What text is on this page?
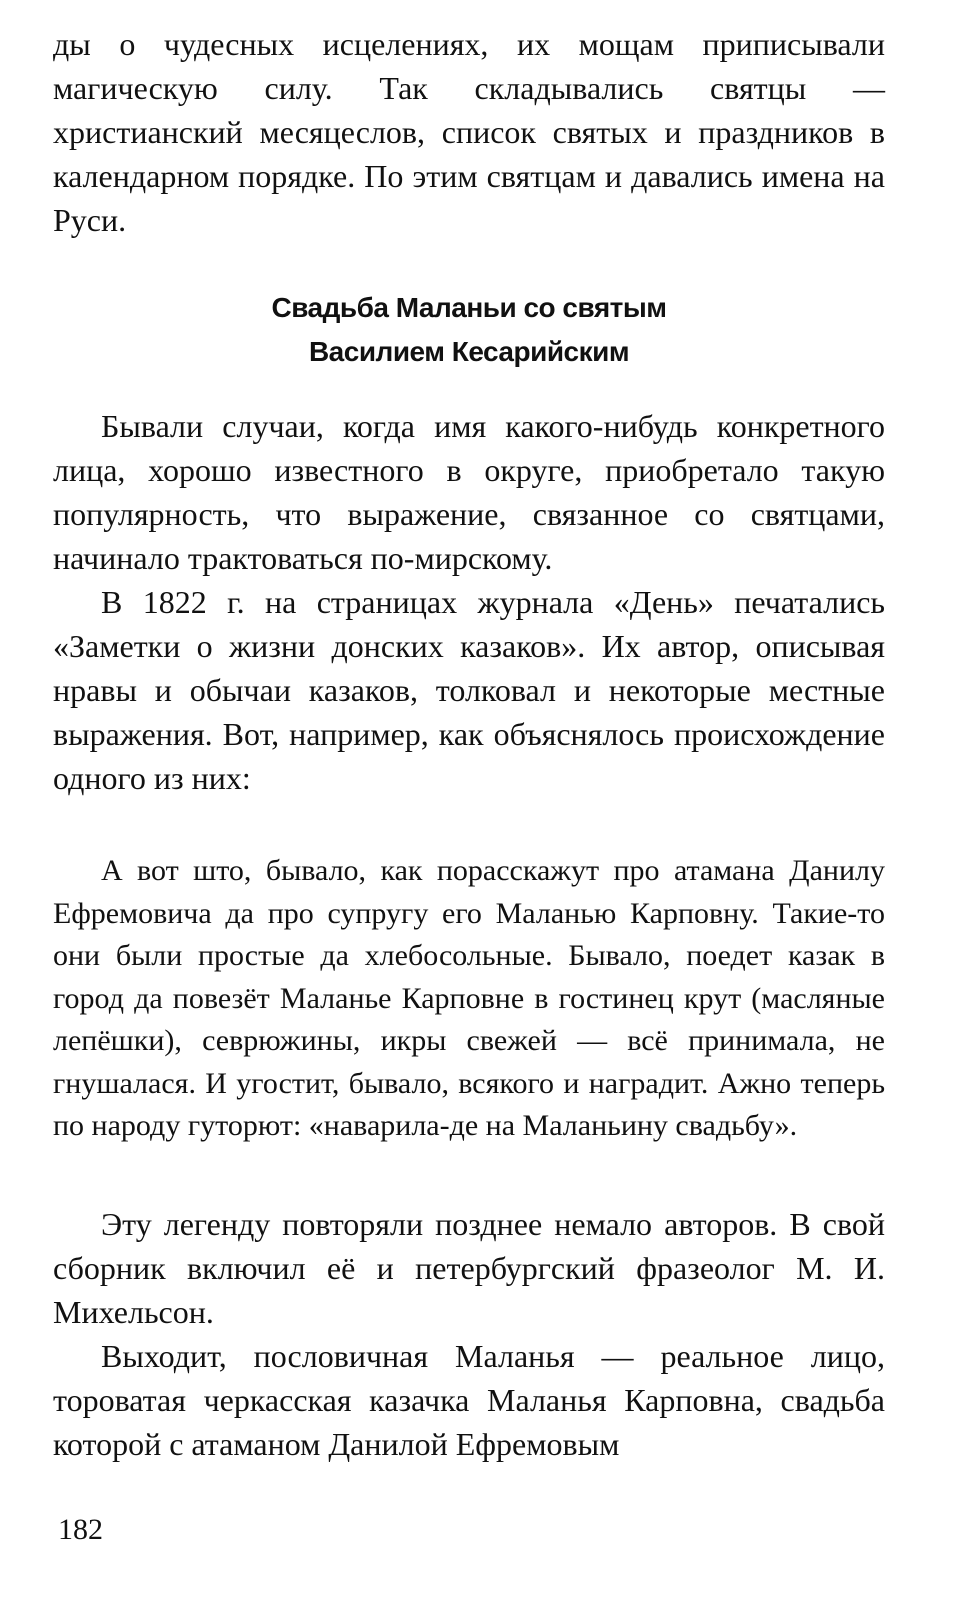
ды о чудесных исцелениях, их мощам приписывали магическую силу. Так складывались святцы — христианский месяцеслов, список святых и праздников в календарном порядке. По этим святцам и давались имена на Руси.

Свадьба Маланьи со святым
Василием Кесарийским

Бывали случаи, когда имя какого-нибудь конкретного лица, хорошо известного в округе, приобретало такую популярность, что выражение, связанное со святцами, начинало трактоваться по-мирскому.

В 1822 г. на страницах журнала «День» печатались «Заметки о жизни донских казаков». Их автор, описывая нравы и обычаи казаков, толковал и некоторые местные выражения. Вот, например, как объяснялось происхождение одного из них:

А вот што, бывало, как порасскажут про атамана Данилу Ефремовича да про супругу его Маланью Карповну. Такие-то они были простые да хлебосольные. Бывало, поедет казак в город да повезёт Маланье Карповне в гостинец крут (масляные лепёшки), севрюжины, икры свежей — всё принимала, не гнушалася. И угостит, бывало, всякого и наградит. Ажно теперь по народу гуторют: «наварила-де на Маланьину свадьбу».

Эту легенду повторяли позднее немало авторов. В свой сборник включил её и петербургский фразеолог М. И. Михельсон.

Выходит, пословичная Маланья — реальное лицо, тороватая черкасская казачка Маланья Карповна, свадьба которой с атаманом Данилой Ефремовым

182
